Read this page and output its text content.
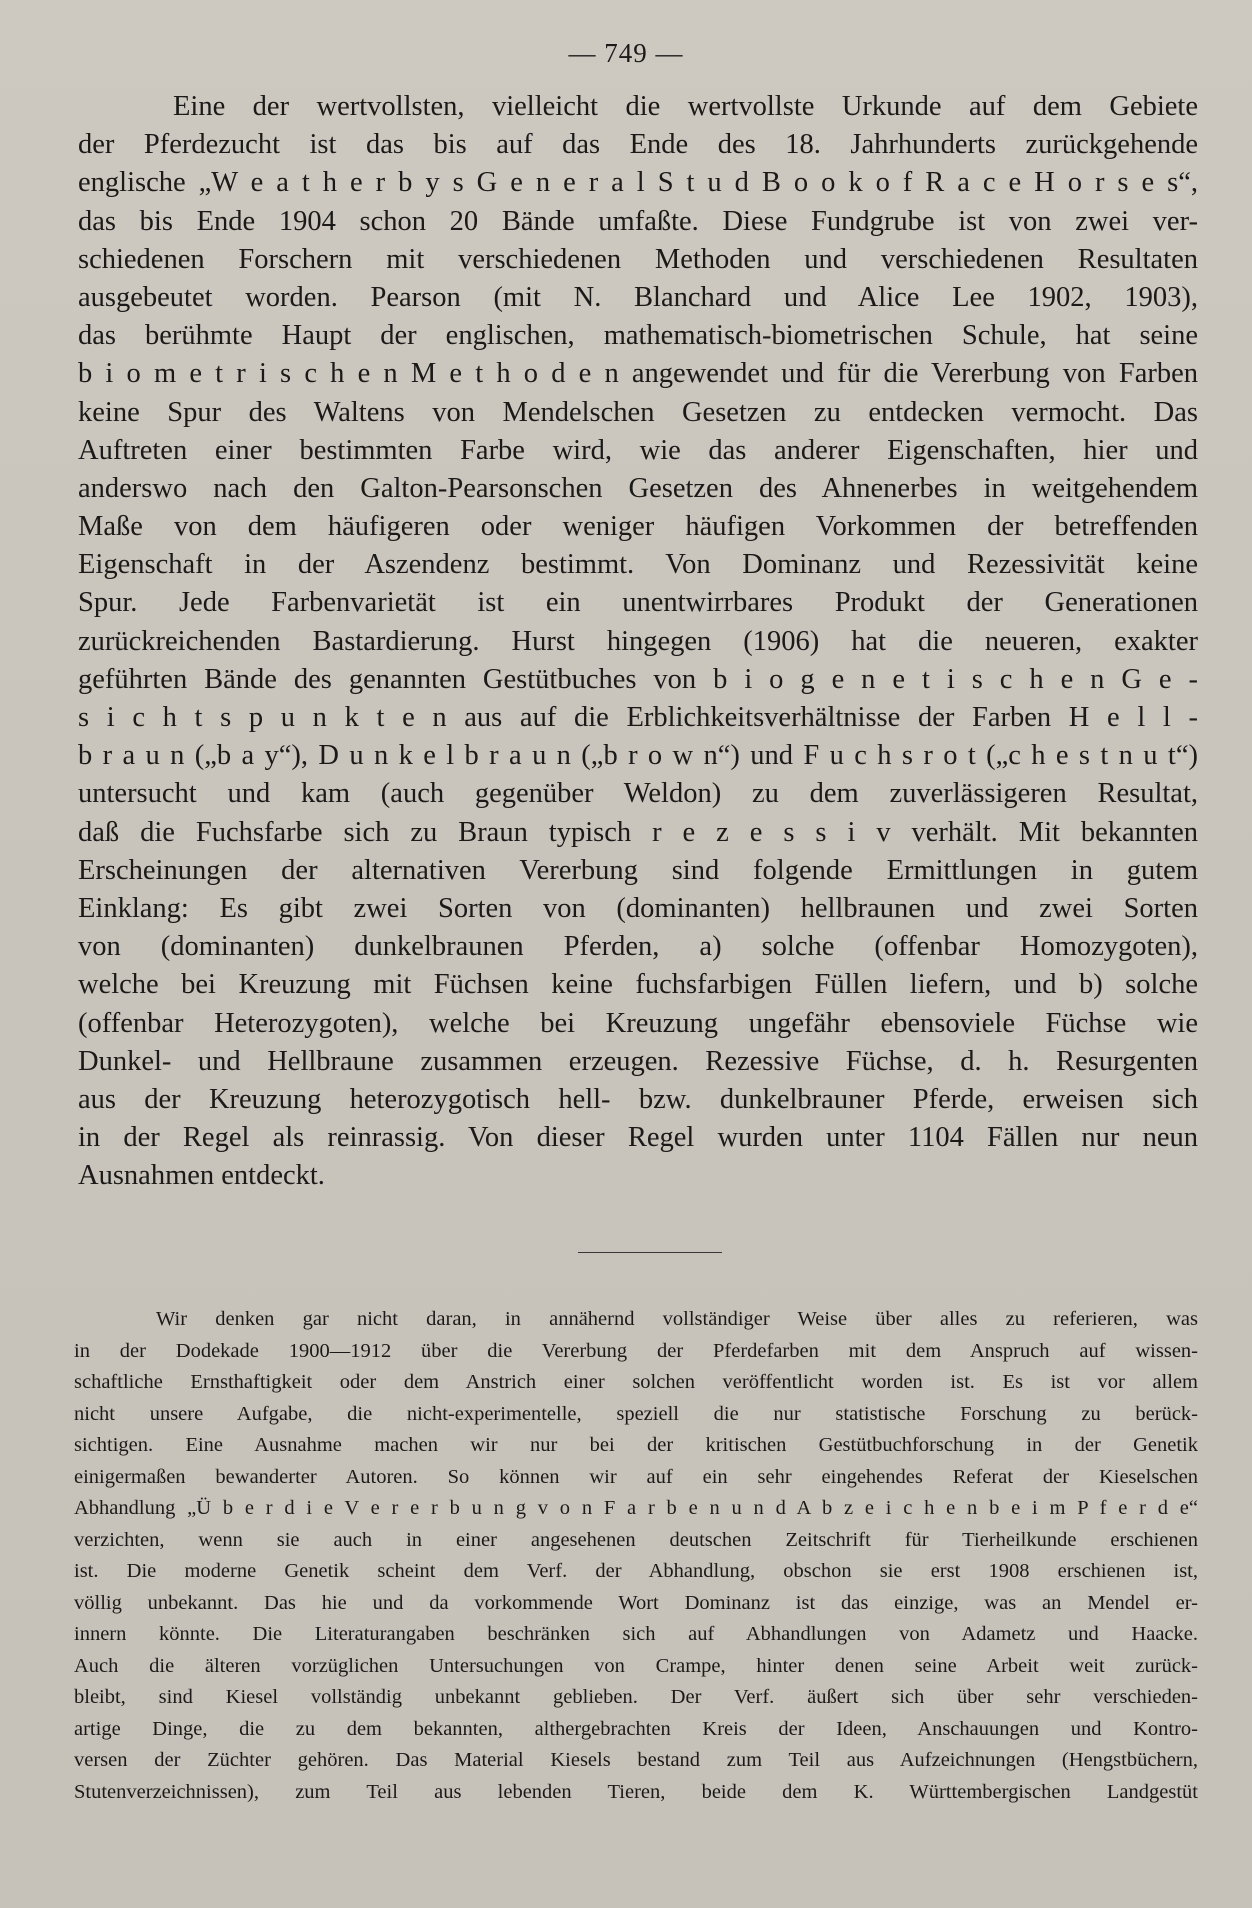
— 749 —
Eine der wertvollsten, vielleicht die wertvollste Urkunde auf dem Gebiete
der Pferdezucht ist das bis auf das Ende des 18. Jahrhunderts zurückgehende
englische „W e a t h e r b y s G e n e r a l S t u d B o o k o f R a c e H o r s e s“,
das bis Ende 1904 schon 20 Bände umfaßte. Diese Fundgrube ist von zwei ver-
schiedenen Forschern mit verschiedenen Methoden und verschiedenen Resultaten
ausgebeutet worden. Pearson (mit N. Blanchard und Alice Lee 1902, 1903),
das berühmte Haupt der englischen, mathematisch-biometrischen Schule, hat seine
b i o m e t r i s c h e n M e t h o d e n angewendet und für die Vererbung von Farben
keine Spur des Waltens von Mendelschen Gesetzen zu entdecken vermocht. Das
Auftreten einer bestimmten Farbe wird, wie das anderer Eigenschaften, hier und
anderswo nach den Galton-Pearsonschen Gesetzen des Ahnenerbes in weitgehendem
Maße von dem häufigeren oder weniger häufigen Vorkommen der betreffenden
Eigenschaft in der Aszendenz bestimmt. Von Dominanz und Rezessivität keine
Spur. Jede Farbenvarietät ist ein unentwirrbares Produkt der Generationen
zurückreichenden Bastardierung. Hurst hingegen (1906) hat die neueren, exakter
geführten Bände des genannten Gestütbuches von b i o g e n e t i s c h e n G e -
s i c h t s p u n k t e n aus auf die Erblichkeitsverhältnisse der Farben H e l l -
b r a u n („b a y“), D u n k e l b r a u n („b r o w n“) und F u c h s r o t („c h e s t n u t“)
untersucht und kam (auch gegenüber Weldon) zu dem zuverlässigeren Resultat,
daß die Fuchsfarbe sich zu Braun typisch r e z e s s i v verhält. Mit bekannten
Erscheinungen der alternativen Vererbung sind folgende Ermittlungen in gutem
Einklang: Es gibt zwei Sorten von (dominanten) hellbraunen und zwei Sorten
von (dominanten) dunkelbraunen Pferden, a) solche (offenbar Homozygoten),
welche bei Kreuzung mit Füchsen keine fuchsfarbigen Füllen liefern, und b) solche
(offenbar Heterozygoten), welche bei Kreuzung ungefähr ebensoviele Füchse wie
Dunkel- und Hellbraune zusammen erzeugen. Rezessive Füchse, d. h. Resurgenten
aus der Kreuzung heterozygotisch hell- bzw. dunkelbrauner Pferde, erweisen sich
in der Regel als reinrassig. Von dieser Regel wurden unter 1104 Fällen nur neun
Ausnahmen entdeckt.
Wir denken gar nicht daran, in annähernd vollständiger Weise über alles zu referieren, was
in der Dodekade 1900—1912 über die Vererbung der Pferdefarben mit dem Anspruch auf wissen-
schaftliche Ernsthaftigkeit oder dem Anstrich einer solchen veröffentlicht worden ist. Es ist vor allem
nicht unsere Aufgabe, die nicht-experimentelle, speziell die nur statistische Forschung zu berück-
sichtigen. Eine Ausnahme machen wir nur bei der kritischen Gestütbuchforschung in der Genetik
einigermaßen bewanderter Autoren. So können wir auf ein sehr eingehendes Referat der Kieselschen
Abhandlung „Ü b e r d i e V e r e r b u n g v o n F a r b e n u n d A b z e i c h e n b e i m P f e r d e“
verzichten, wenn sie auch in einer angesehenen deutschen Zeitschrift für Tierheilkunde erschienen
ist. Die moderne Genetik scheint dem Verf. der Abhandlung, obschon sie erst 1908 erschienen ist,
völlig unbekannt. Das hie und da vorkommende Wort Dominanz ist das einzige, was an Mendel er-
innern könnte. Die Literaturangaben beschränken sich auf Abhandlungen von Adametz und Haacke.
Auch die älteren vorzüglichen Untersuchungen von Crampe, hinter denen seine Arbeit weit zurück-
bleibt, sind Kiesel vollständig unbekannt geblieben. Der Verf. äußert sich über sehr verschieden-
artige Dinge, die zu dem bekannten, althergebrachten Kreis der Ideen, Anschauungen und Kontro-
versen der Züchter gehören. Das Material Kiesels bestand zum Teil aus Aufzeichnungen (Hengstbüchern,
Stutenverzeichnissen), zum Teil aus lebenden Tieren, beide dem K. Württembergischen Landgestüt
